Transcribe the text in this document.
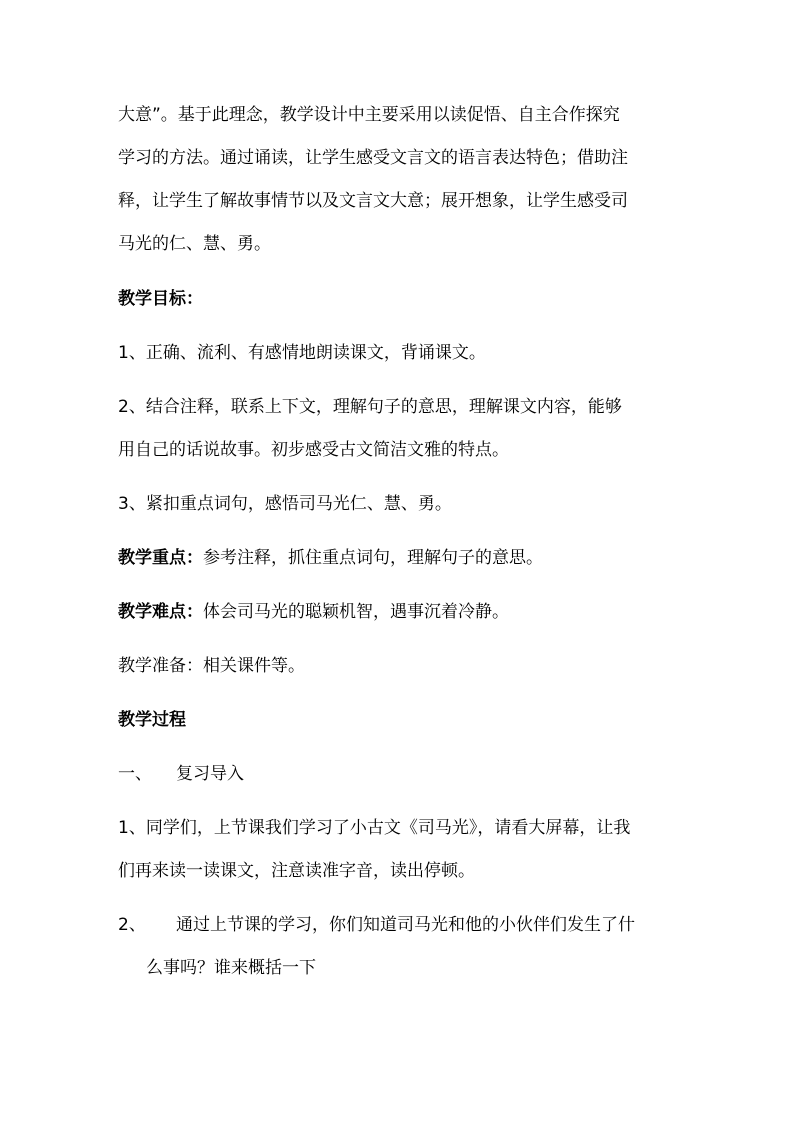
大意”。基于此理念，教学设计中主要采用以读促悟、自主合作探究
学习的方法。通过诵读，让学生感受文言文的语言表达特色；借助注
释，让学生了解故事情节以及文言文大意；展开想象，让学生感受司
马光的仁、慧、勇。
教学目标：
1、正确、流利、有感情地朗读课文，背诵课文。
2、结合注释，联系上下文，理解句子的意思，理解课文内容，能够
用自己的话说故事。初步感受古文简洁文雅的特点。
3、紧扣重点词句，感悟司马光仁、慧、勇。
教学重点：参考注释，抓住重点词句，理解句子的意思。
教学难点：体会司马光的聪颖机智，遇事沉着冷静。
教学准备：相关课件等。
教学过程
一、 复习导入
1、同学们，上节课我们学习了小古文《司马光》，请看大屏幕，让我
们再来读一读课文，注意读准字音，读出停顿。
2、 通过上节课的学习，你们知道司马光和他的小伙伴们发生了什
么事吗？谁来概括一下
